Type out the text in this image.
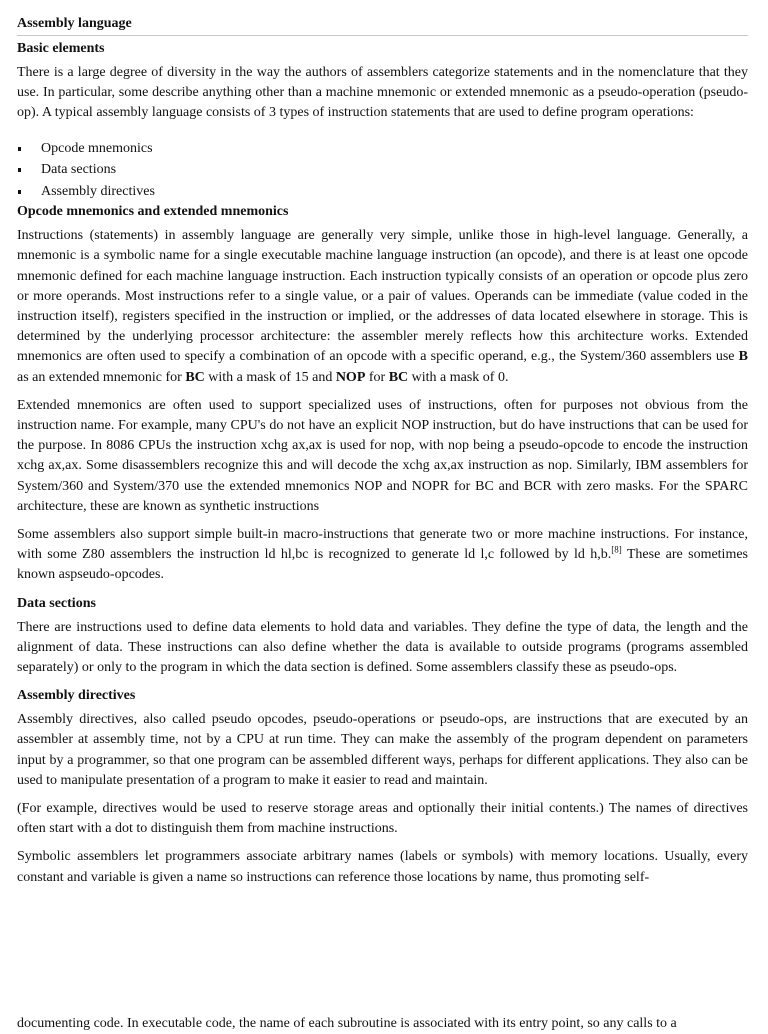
Assembly language
Basic elements

There is a large degree of diversity in the way the authors of assemblers categorize statements and in the nomenclature that they use. In particular, some describe anything other than a machine mnemonic or extended mnemonic as a pseudo-operation (pseudo-op). A typical assembly language consists of 3 types of instruction statements that are used to define program operations:

Opcode mnemonics
Data sections
Assembly directives
Opcode mnemonics and extended mnemonics

Instructions (statements) in assembly language are generally very simple, unlike those in high-level language. Generally, a mnemonic is a symbolic name for a single executable machine language instruction (an opcode), and there is at least one opcode mnemonic defined for each machine language instruction. Each instruction typically consists of an operation or opcode plus zero or more operands. Most instructions refer to a single value, or a pair of values. Operands can be immediate (value coded in the instruction itself), registers specified in the instruction or implied, or the addresses of data located elsewhere in storage. This is determined by the underlying processor architecture: the assembler merely reflects how this architecture works. Extended mnemonics are often used to specify a combination of an opcode with a specific operand, e.g., the System/360 assemblers use B as an extended mnemonic for BC with a mask of 15 and NOP for BC with a mask of 0.

Extended mnemonics are often used to support specialized uses of instructions, often for purposes not obvious from the instruction name. For example, many CPU's do not have an explicit NOP instruction, but do have instructions that can be used for the purpose. In 8086 CPUs the instruction xchg ax,ax is used for nop, with nop being a pseudo-opcode to encode the instruction xchg ax,ax. Some disassemblers recognize this and will decode the xchg ax,ax instruction as nop. Similarly, IBM assemblers for System/360 and System/370 use the extended mnemonics NOP and NOPR for BC and BCR with zero masks. For the SPARC architecture, these are known as synthetic instructions

Some assemblers also support simple built-in macro-instructions that generate two or more machine instructions. For instance, with some Z80 assemblers the instruction ld hl,bc is recognized to generate ld l,c followed by ld h,b.[8] These are sometimes known aspseudo-opcodes.

Data sections

There are instructions used to define data elements to hold data and variables. They define the type of data, the length and the alignment of data. These instructions can also define whether the data is available to outside programs (programs assembled separately) or only to the program in which the data section is defined. Some assemblers classify these as pseudo-ops.

Assembly directives

Assembly directives, also called pseudo opcodes, pseudo-operations or pseudo-ops, are instructions that are executed by an assembler at assembly time, not by a CPU at run time. They can make the assembly of the program dependent on parameters input by a programmer, so that one program can be assembled different ways, perhaps for different applications. They also can be used to manipulate presentation of a program to make it easier to read and maintain.

(For example, directives would be used to reserve storage areas and optionally their initial contents.) The names of directives often start with a dot to distinguish them from machine instructions.

Symbolic assemblers let programmers associate arbitrary names (labels or symbols) with memory locations. Usually, every constant and variable is given a name so instructions can reference those locations by name, thus promoting self-

documenting code. In executable code, the name of each subroutine is associated with its entry point, so any calls to a
